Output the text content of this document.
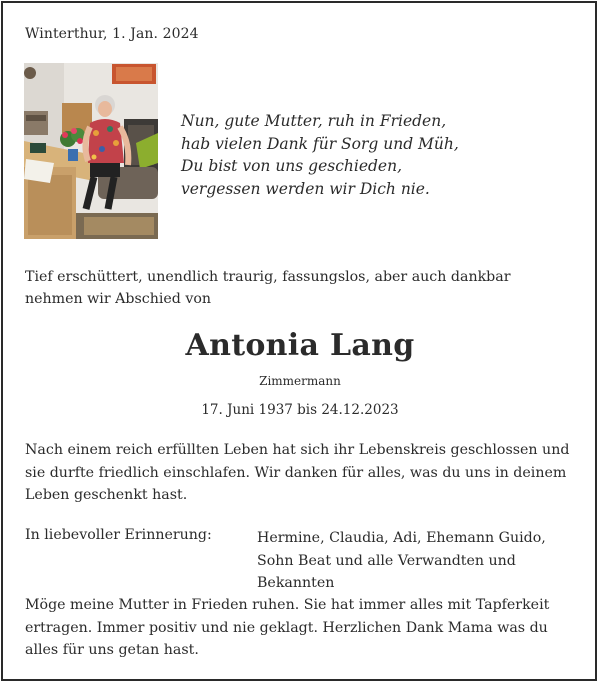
Winterthur, 1. Jan. 2024
Nun, gute Mutter, ruh in Frieden,
hab vielen Dank für Sorg und Müh,
Du bist von uns geschieden,
vergessen werden wir Dich nie.
Tief erschüttert, unendlich traurig, fassungslos, aber auch dankbar nehmen wir Abschied von
Antonia Lang
Zimmermann
17. Juni 1937 bis 24.12.2023
Nach einem reich erfüllten Leben hat sich ihr Lebenskreis geschlossen und sie durfte friedlich einschlafen. Wir danken für alles, was du uns in deinem Leben geschenkt hast.
In liebevoller Erinnerung:	Hermine, Claudia, Adi, Ehemann Guido, Sohn Beat und alle Verwandten und Bekannten
Möge meine Mutter in Frieden ruhen. Sie hat immer alles mit Tapferkeit ertragen. Immer positiv und nie geklagt. Herzlichen Dank Mama was du alles für uns getan hast.
